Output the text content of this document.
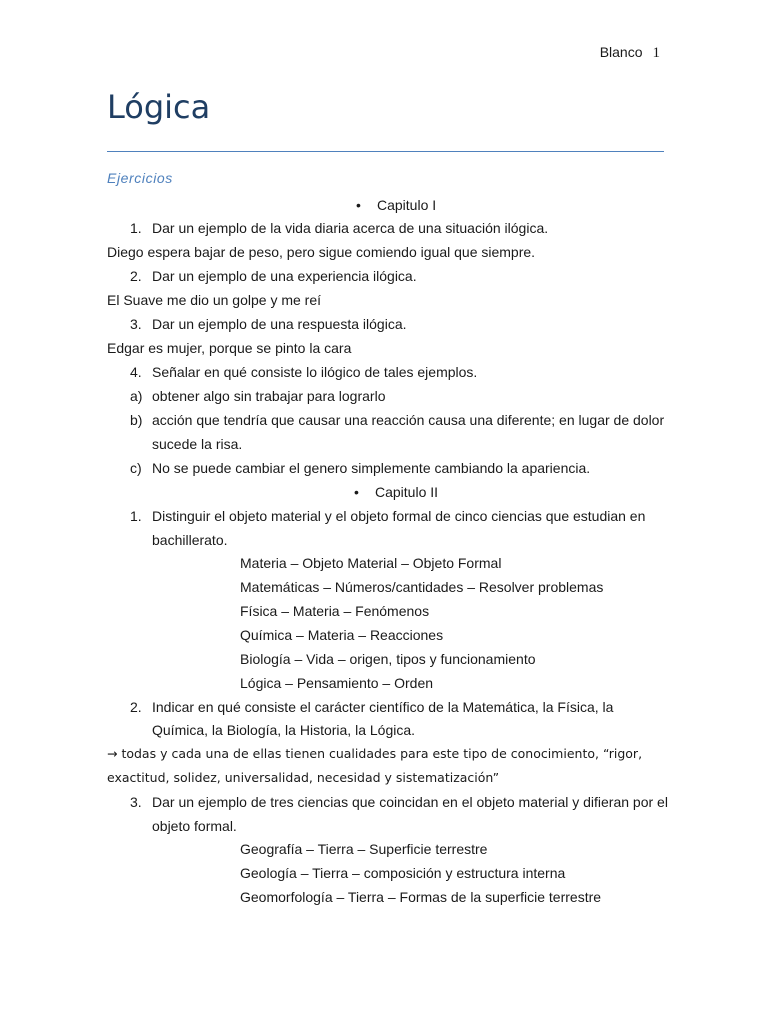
Blanco 1
Lógica
Ejercicios
• Capitulo I
1. Dar un ejemplo de la vida diaria acerca de una situación ilógica.
Diego espera bajar de peso, pero sigue comiendo igual que siempre.
2. Dar un ejemplo de una experiencia ilógica.
El Suave me dio un golpe y me reí
3. Dar un ejemplo de una respuesta ilógica.
Edgar es mujer, porque se pinto la cara
4. Señalar en qué consiste lo ilógico de tales ejemplos.
a) obtener algo sin trabajar para lograrlo
b) acción que tendría que causar una reacción causa una diferente; en lugar de dolor
sucede la risa.
c) No se puede cambiar el genero simplemente cambiando la apariencia.
• Capitulo II
1. Distinguir el objeto material y el objeto formal de cinco ciencias que estudian en
bachillerato.
Materia – Objeto Material – Objeto Formal
Matemáticas – Números/cantidades – Resolver problemas
Física – Materia – Fenómenos
Química – Materia – Reacciones
Biología – Vida – origen, tipos y funcionamiento
Lógica – Pensamiento – Orden
2. Indicar en qué consiste el carácter científico de la Matemática, la Física, la
Química, la Biología, la Historia, la Lógica.
→ todas y cada una de ellas tienen cualidades para este tipo de conocimiento, “rigor,
exactitud, solidez, universalidad, necesidad y sistematización”
3. Dar un ejemplo de tres ciencias que coincidan en el objeto material y difieran por el
objeto formal.
Geografía – Tierra – Superficie terrestre
Geología – Tierra – composición y estructura interna
Geomorfología – Tierra – Formas de la superficie terrestre
